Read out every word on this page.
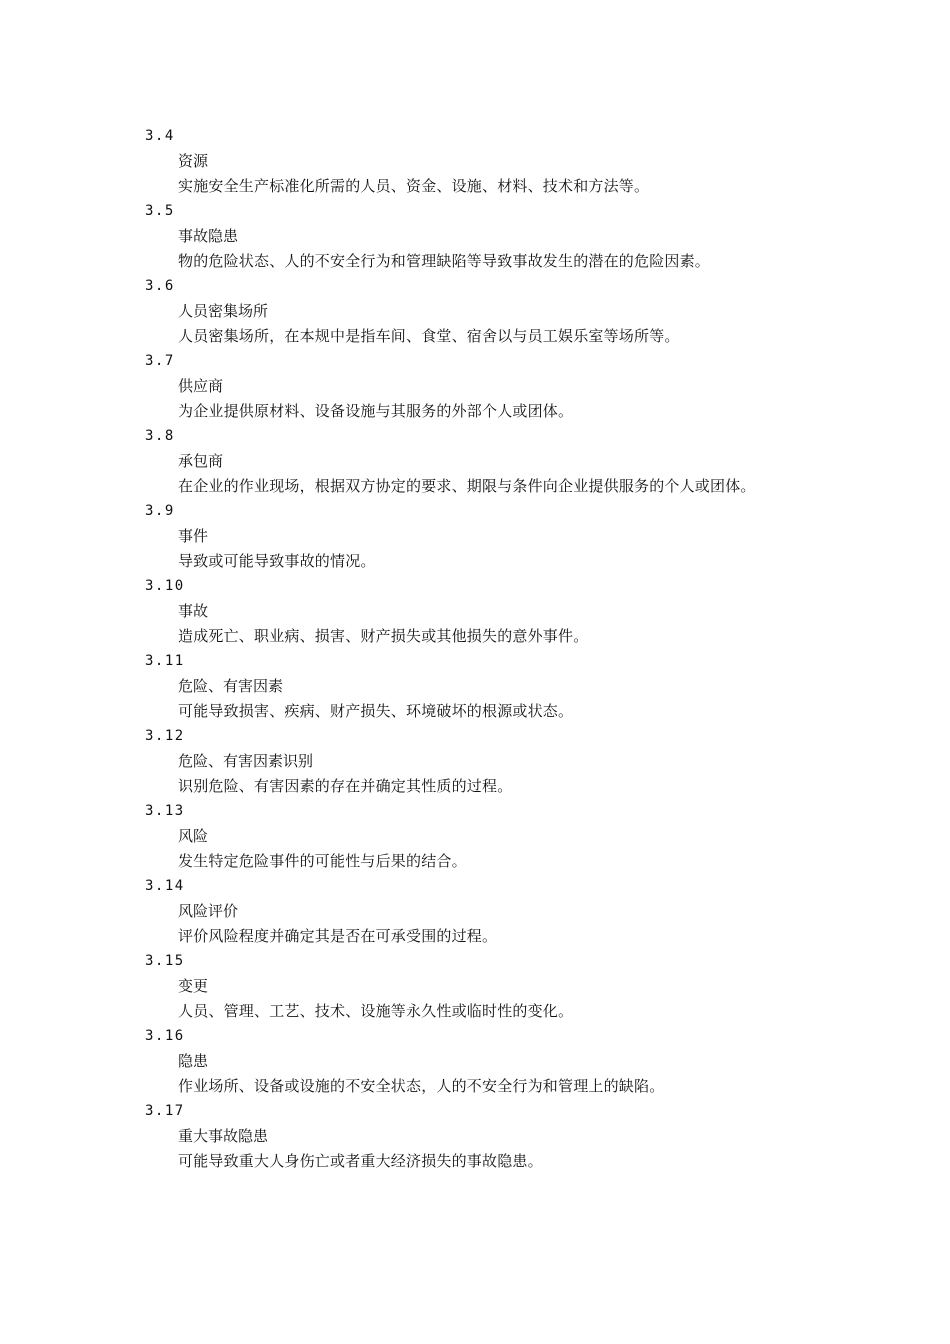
3.4
资源
实施安全生产标准化所需的人员、资金、设施、材料、技术和方法等。
3.5
事故隐患
物的危险状态、人的不安全行为和管理缺陷等导致事故发生的潜在的危险因素。
3.6
人员密集场所
人员密集场所，在本规中是指车间、食堂、宿舍以与员工娱乐室等场所等。
3.7
供应商
为企业提供原材料、设备设施与其服务的外部个人或团体。
3.8
承包商
在企业的作业现场，根据双方协定的要求、期限与条件向企业提供服务的个人或团体。
3.9
事件
导致或可能导致事故的情况。
3.10
事故
造成死亡、职业病、损害、财产损失或其他损失的意外事件。
3.11
危险、有害因素
可能导致损害、疾病、财产损失、环境破坏的根源或状态。
3.12
危险、有害因素识别
识别危险、有害因素的存在并确定其性质的过程。
3.13
风险
发生特定危险事件的可能性与后果的结合。
3.14
风险评价
评价风险程度并确定其是否在可承受围的过程。
3.15
变更
人员、管理、工艺、技术、设施等永久性或临时性的变化。
3.16
隐患
作业场所、设备或设施的不安全状态，人的不安全行为和管理上的缺陷。
3.17
重大事故隐患
可能导致重大人身伤亡或者重大经济损失的事故隐患。
